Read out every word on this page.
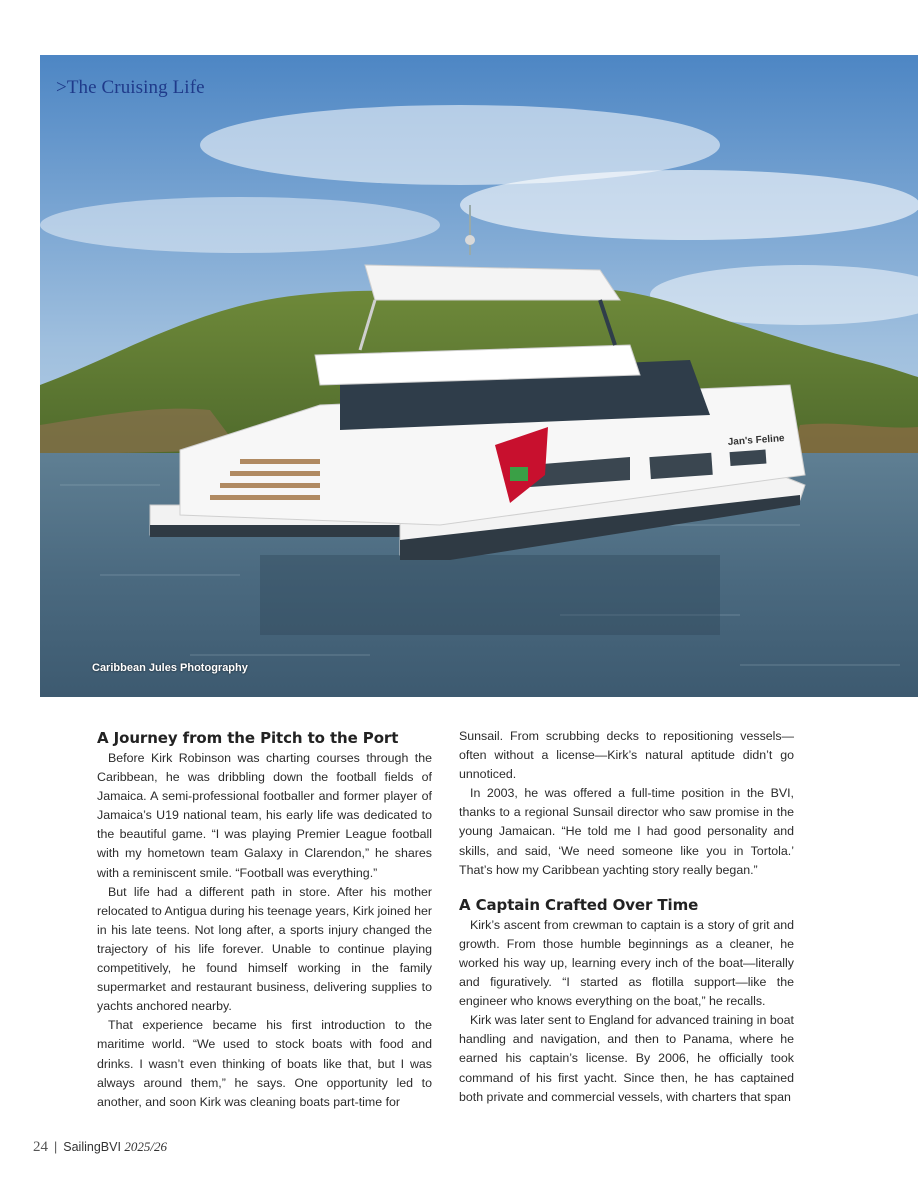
Jan's Feline
>The Cruising Life
Caribbean Jules Photography
A Journey from the Pitch to the Port

Before Kirk Robinson was charting courses through the Caribbean, he was dribbling down the football fields of Jamaica. A semi-professional footballer and former player of Jamaica’s U19 national team, his early life was dedicated to the beautiful game. “I was playing Premier League football with my hometown team Galaxy in Clarendon,” he shares with a reminiscent smile. “Football was everything.”

But life had a different path in store. After his mother relocated to Antigua during his teenage years, Kirk joined her in his late teens. Not long after, a sports injury changed the trajectory of his life forever. Unable to continue playing competitively, he found himself working in the family supermarket and restaurant business, delivering supplies to yachts anchored nearby.

That experience became his first introduction to the maritime world. “We used to stock boats with food and drinks. I wasn’t even thinking of boats like that, but I was always around them,” he says. One opportunity led to another, and soon Kirk was cleaning boats part-time for

Sunsail. From scrubbing decks to repositioning vessels—often without a license—Kirk’s natural aptitude didn’t go unnoticed.

In 2003, he was offered a full-time position in the BVI, thanks to a regional Sunsail director who saw promise in the young Jamaican. “He told me I had good personality and skills, and said, ‘We need someone like you in Tortola.’ That’s how my Caribbean yachting story really began.”

A Captain Crafted Over Time

Kirk’s ascent from crewman to captain is a story of grit and growth. From those humble beginnings as a cleaner, he worked his way up, learning every inch of the boat—literally and figuratively. “I started as flotilla support—like the engineer who knows everything on the boat,” he recalls.

Kirk was later sent to England for advanced training in boat handling and navigation, and then to Panama, where he earned his captain’s license. By 2006, he officially took command of his first yacht. Since then, he has captained both private and commercial vessels, with charters that span

24 | SailingBVI 2025/26
